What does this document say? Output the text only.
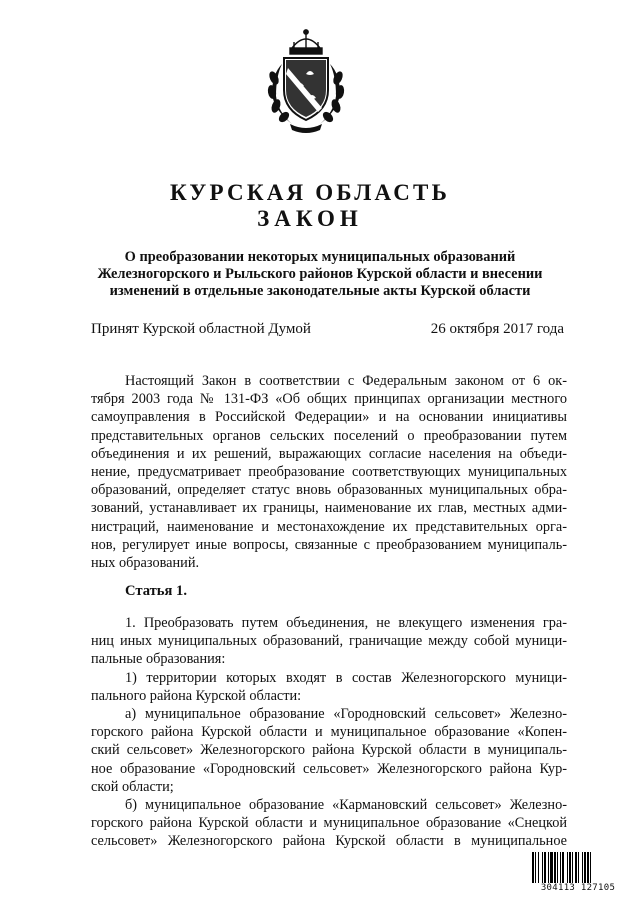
КУРСКАЯ ОБЛАСТЬ
ЗАКОН
О преобразовании некоторых муниципальных образований
Железногорского и Рыльского районов Курской области и внесении
изменений в отдельные законодательные акты Курской области
Принят Курской областной Думой	26 октября 2017 года
Настоящий Закон в соответствии с Федеральным законом от 6 ок-
тября 2003 года № 131-ФЗ «Об общих принципах организации местного
самоуправления в Российской Федерации» и на основании инициативы
представительных органов сельских поселений о преобразовании путем
объединения и их решений, выражающих согласие населения на объеди-
нение, предусматривает преобразование соответствующих муниципальных
образований, определяет статус вновь образованных муниципальных обра-
зований, устанавливает их границы, наименование их глав, местных адми-
нистраций, наименование и местонахождение их представительных орга-
нов, регулирует иные вопросы, связанные с преобразованием муниципаль-
ных образований.
Статья 1.
1. Преобразовать путем объединения, не влекущего изменения гра-
ниц иных муниципальных образований, граничащие между собой муници-
пальные образования:
1) территории которых входят в состав Железногорского муници-
пального района Курской области:
а) муниципальное образование «Городновский сельсовет» Железно-
горского района Курской области и муниципальное образование «Копен-
ский сельсовет» Железногорского района Курской области в муниципаль-
ное образование «Городновский сельсовет» Железногорского района Кур-
ской области;
б) муниципальное образование «Кармановский сельсовет» Железно-
горского района Курской области и муниципальное образование «Снецкой
сельсовет» Железногорского района Курской области в муниципальное
304113 127105
